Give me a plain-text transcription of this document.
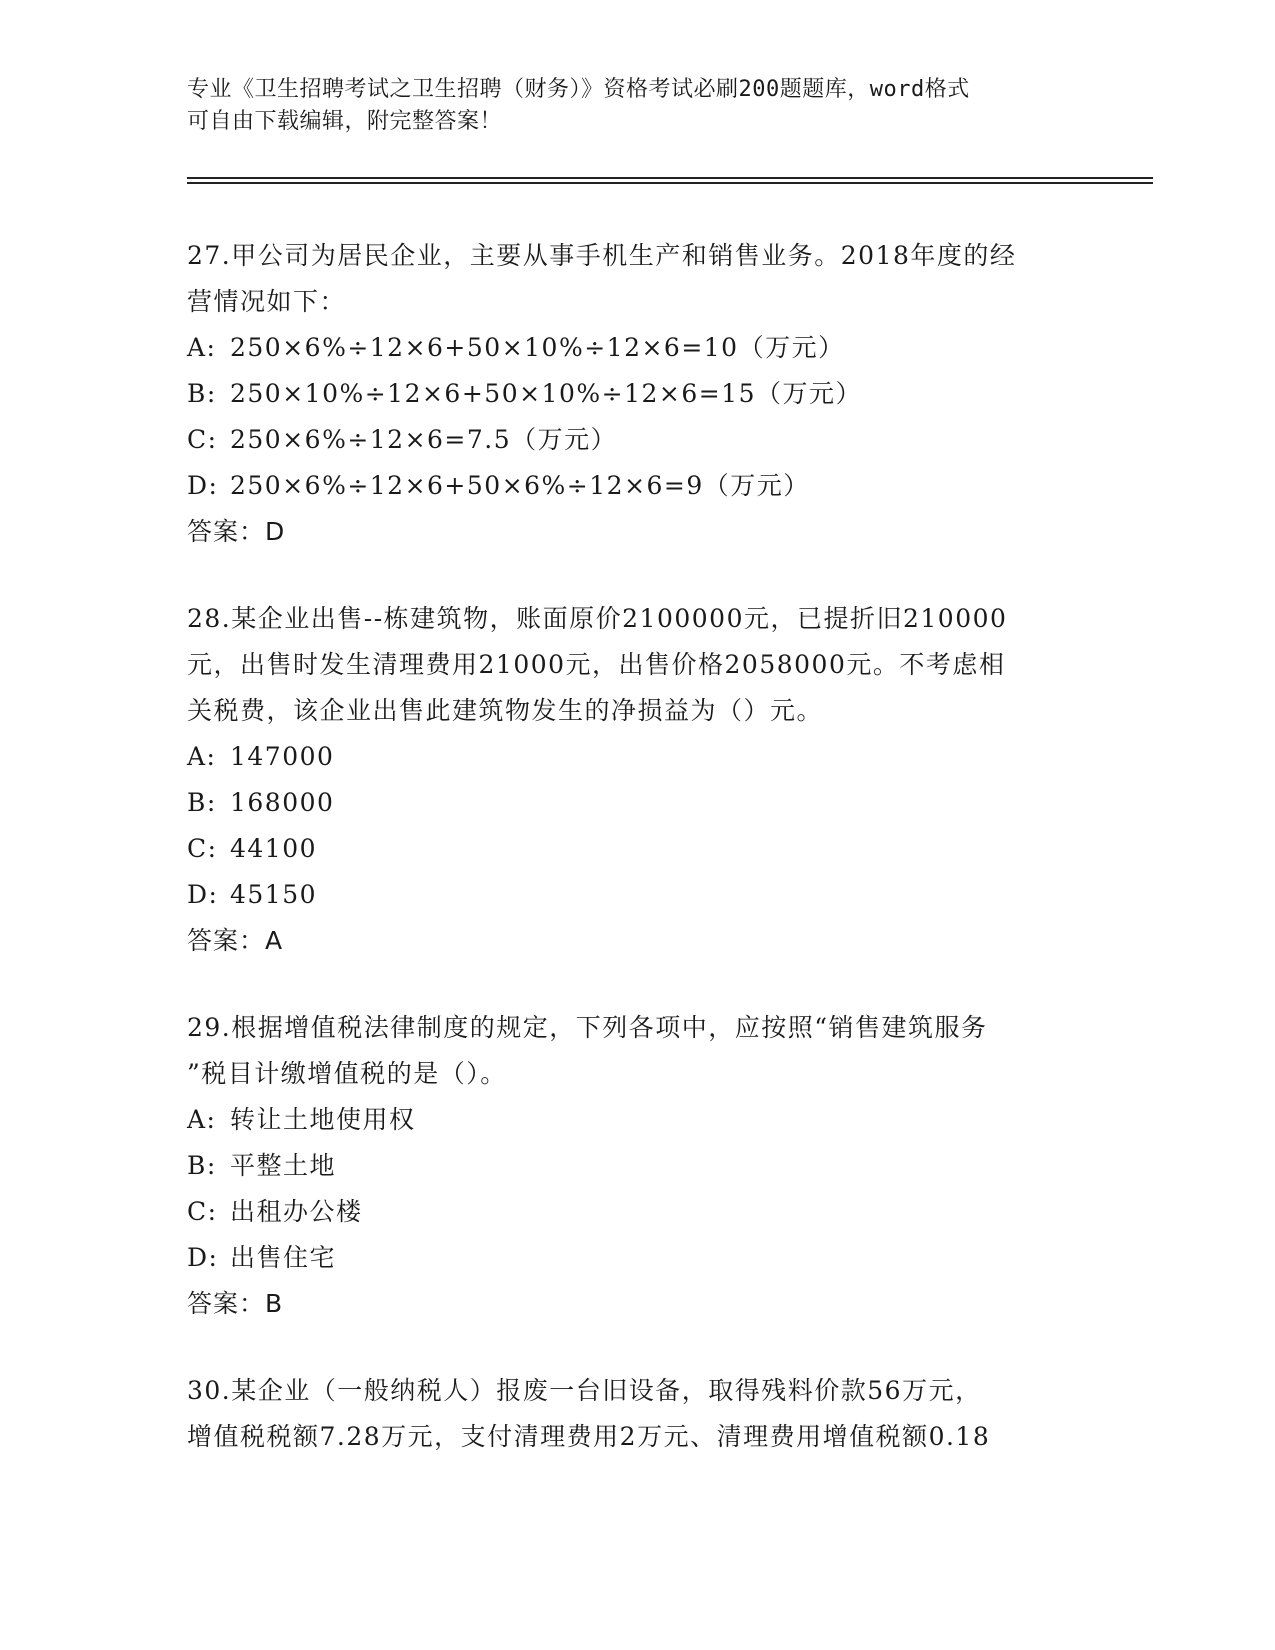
专业《卫生招聘考试之卫生招聘（财务）》资格考试必刷200题题库，word格式
可自由下载编辑，附完整答案！
27.甲公司为居民企业，主要从事手机生产和销售业务。2018年度的经
营情况如下：
A: 250×6%÷12×6+50×10%÷12×6=10（万元）
B: 250×10%÷12×6+50×10%÷12×6=15（万元）
C: 250×6%÷12×6=7.5（万元）
D: 250×6%÷12×6+50×6%÷12×6=9（万元）
答案：D
28.某企业出售--栋建筑物，账面原价2100000元，已提折旧210000
元，出售时发生清理费用21000元，出售价格2058000元。不考虑相
关税费，该企业出售此建筑物发生的净损益为（）元。
A: 147000
B: 168000
C: 44100
D: 45150
答案：A
29.根据增值税法律制度的规定，下列各项中，应按照“销售建筑服务
”税目计缴增值税的是（）。
A: 转让土地使用权
B: 平整土地
C: 出租办公楼
D: 出售住宅
答案：B
30.某企业（一般纳税人）报废一台旧设备，取得残料价款56万元，
增值税税额7.28万元，支付清理费用2万元、清理费用增值税额0.18
